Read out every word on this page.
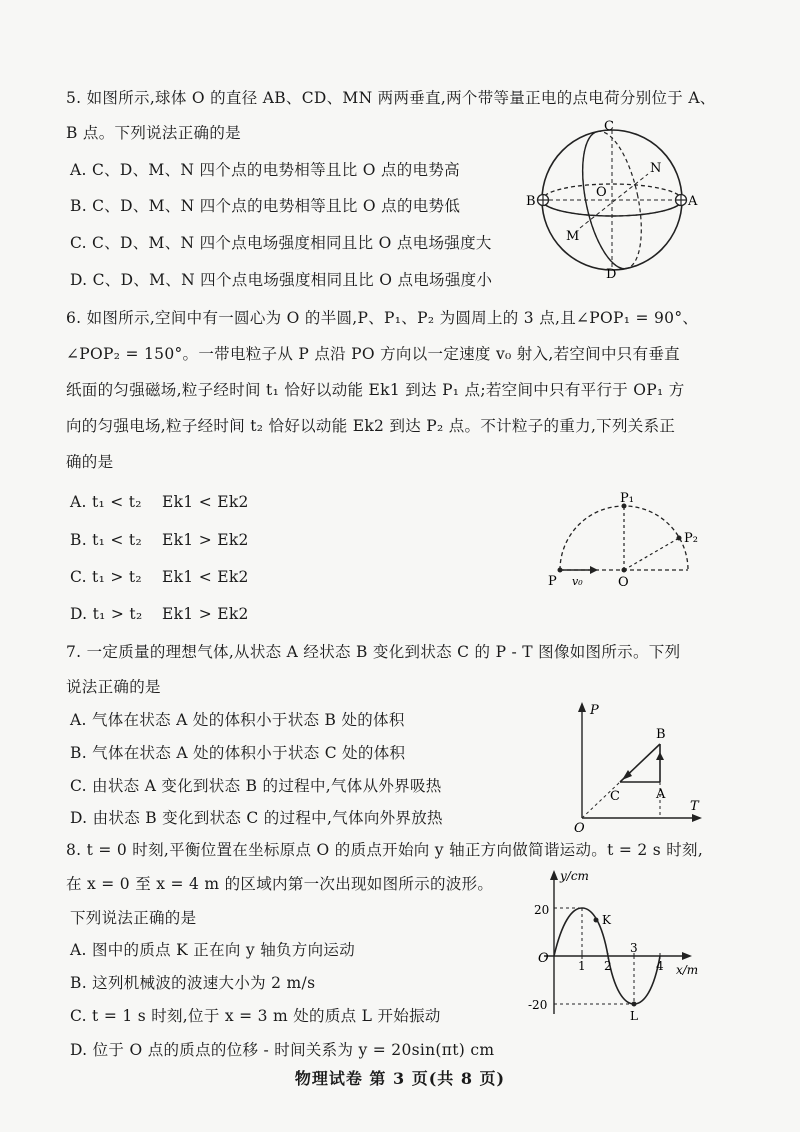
5. 如图所示,球体 O 的直径 AB、CD、MN 两两垂直,两个带等量正电的点电荷分别位于 A、
B 点。下列说法正确的是
A. C、D、M、N 四个点的电势相等且比 O 点的电势高
B. C、D、M、N 四个点的电势相等且比 O 点的电势低
C. C、D、M、N 四个点电场强度相同且比 O 点电场强度大
D. C、D、M、N 四个点电场强度相同且比 O 点电场强度小
C
D
N
M
O
A
B
6. 如图所示,空间中有一圆心为 O 的半圆,P、P₁、P₂ 为圆周上的 3 点,且∠POP₁ = 90°、
∠POP₂ = 150°。一带电粒子从 P 点沿 PO 方向以一定速度 v₀ 射入,若空间中只有垂直
纸面的匀强磁场,粒子经时间 t₁ 恰好以动能 Ek1 到达 P₁ 点;若空间中只有平行于 OP₁ 方
向的匀强电场,粒子经时间 t₂ 恰好以动能 Ek2 到达 P₂ 点。不计粒子的重力,下列关系正
确的是
A. t₁ < t₂ Ek1 < Ek2
B. t₁ < t₂ Ek1 > Ek2
C. t₁ > t₂ Ek1 < Ek2
D. t₁ > t₂ Ek1 > Ek2
P v₀	O
P₁
P₂
7. 一定质量的理想气体,从状态 A 经状态 B 变化到状态 C 的 P - T 图像如图所示。下列
说法正确的是
A. 气体在状态 A 处的体积小于状态 B 处的体积
B. 气体在状态 A 处的体积小于状态 C 处的体积
C. 由状态 A 变化到状态 B 的过程中,气体从外界吸热
D. 由状态 B 变化到状态 C 的过程中,气体向外界放热
P
T
O
B
A
C
8. t = 0 时刻,平衡位置在坐标原点 O 的质点开始向 y 轴正方向做简谐运动。t = 2 s 时刻,
在 x = 0 至 x = 4 m 的区域内第一次出现如图所示的波形。
下列说法正确的是
A. 图中的质点 K 正在向 y 轴负方向运动
B. 这列机械波的波速大小为 2 m/s
C. t = 1 s 时刻,位于 x = 3 m 处的质点 L 开始振动
D. 位于 O 点的质点的位移 - 时间关系为 y = 20sin(πt) cm
y/cm
x/m
O
20
-20
1 2
3
4
K
L
物理试卷 第 3 页(共 8 页)
